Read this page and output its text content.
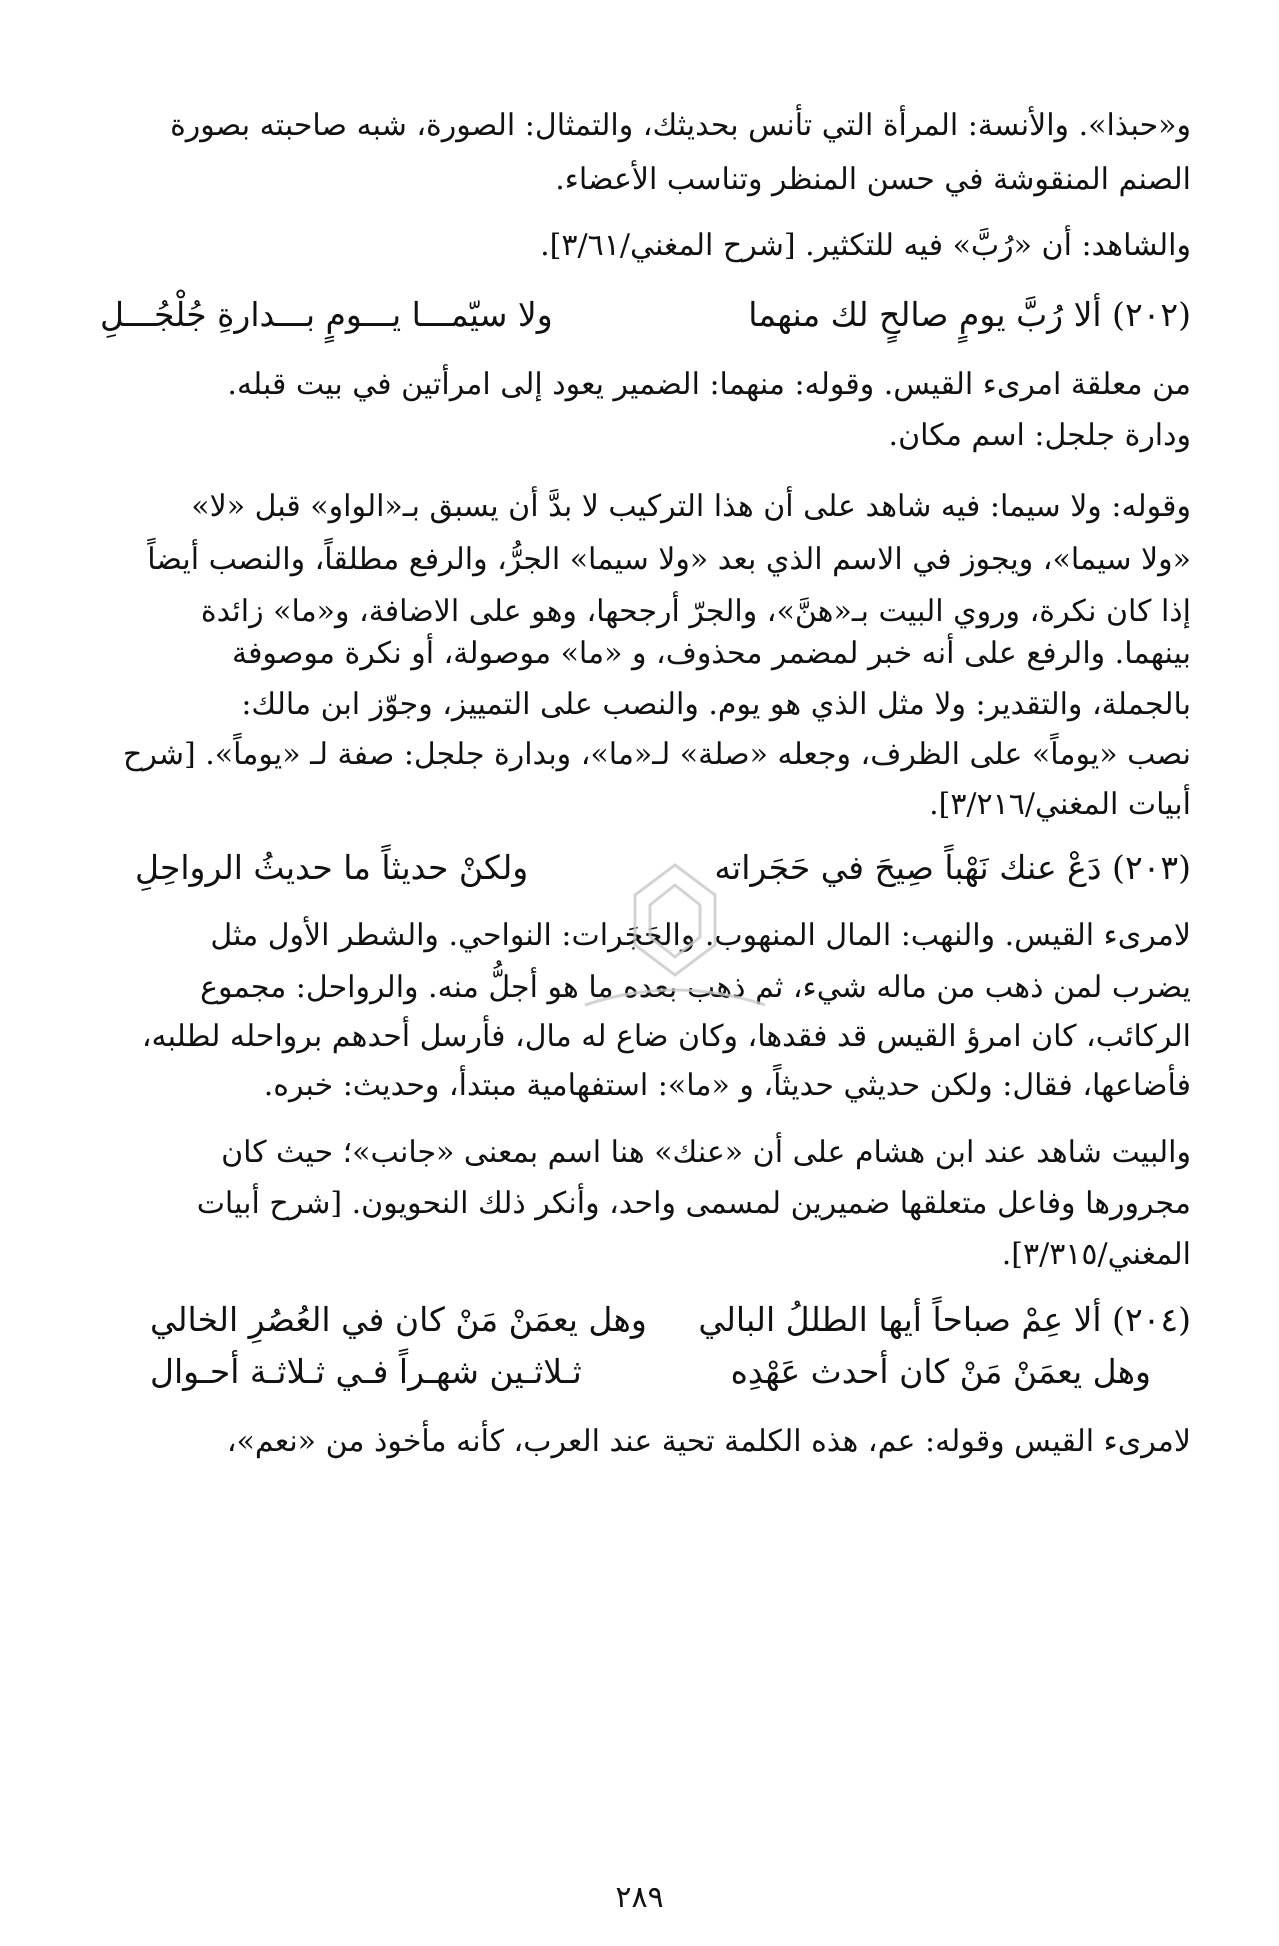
و«حبذا». والأنسة: المرأة التي تأنس بحديثك، والتمثال: الصورة، شبه صاحبته بصورة
الصنم المنقوشة في حسن المنظر وتناسب الأعضاء.
والشاهد: أن «رُبَّ» فيه للتكثير. [شرح المغني/٣/٦١].
(٢٠٢) ألا رُبَّ يومٍ صالحٍ لك منهما
ولا سيّمـــا يـــومٍ بـــدارةِ جُلْجُـــلِ
من معلقة امرىء القيس. وقوله: منهما: الضمير يعود إلى امرأتين في بيت قبله.
ودارة جلجل: اسم مكان.
وقوله: ولا سيما: فيه شاهد على أن هذا التركيب لا بدَّ أن يسبق بـ«الواو» قبل «لا»
«ولا سيما»، ويجوز في الاسم الذي بعد «ولا سيما» الجرُّ، والرفع مطلقاً، والنصب أيضاً
إذا كان نكرة، وروي البيت بـ«هنَّ»، والجرّ أرجحها، وهو على الاضافة، و«ما» زائدة
بينهما. والرفع على أنه خبر لمضمر محذوف، و «ما» موصولة، أو نكرة موصوفة
بالجملة، والتقدير: ولا مثل الذي هو يوم. والنصب على التمييز، وجوّز ابن مالك:
نصب «يوماً» على الظرف، وجعله «صلة» لـ«ما»، وبدارة جلجل: صفة لـ «يوماً». [شرح
أبيات المغني/٣/٢١٦].
(٢٠٣) دَعْ عنك نَهْباً صِيحَ في حَجَراته
ولكنْ حديثاً ما حديثُ الرواحِلِ
لامرىء القيس. والنهب: المال المنهوب. والحَجَرات: النواحي. والشطر الأول مثل
يضرب لمن ذهب من ماله شيء، ثم ذهب بعده ما هو أجلُّ منه. والرواحل: مجموع
الركائب، كان امرؤ القيس قد فقدها، وكان ضاع له مال، فأرسل أحدهم برواحله لطلبه،
فأضاعها، فقال: ولكن حديثي حديثاً، و «ما»: استفهامية مبتدأ، وحديث: خبره.
والبيت شاهد عند ابن هشام على أن «عنك» هنا اسم بمعنى «جانب»؛ حيث كان
مجرورها وفاعل متعلقها ضميرين لمسمى واحد، وأنكر ذلك النحويون. [شرح أبيات
المغني/٣/٣١٥].
(٢٠٤) ألا عِمْ صباحاً أيها الطللُ البالي
وهل يعمَنْ مَنْ كان في العُصُرِ الخالي
وهل يعمَنْ مَنْ كان أحدث عَهْدِه
ثـلاثـين شهـراً فـي ثـلاثـة أحـوال
لامرىء القيس وقوله: عم، هذه الكلمة تحية عند العرب، كأنه مأخوذ من «نعم»،
٢٨٩
